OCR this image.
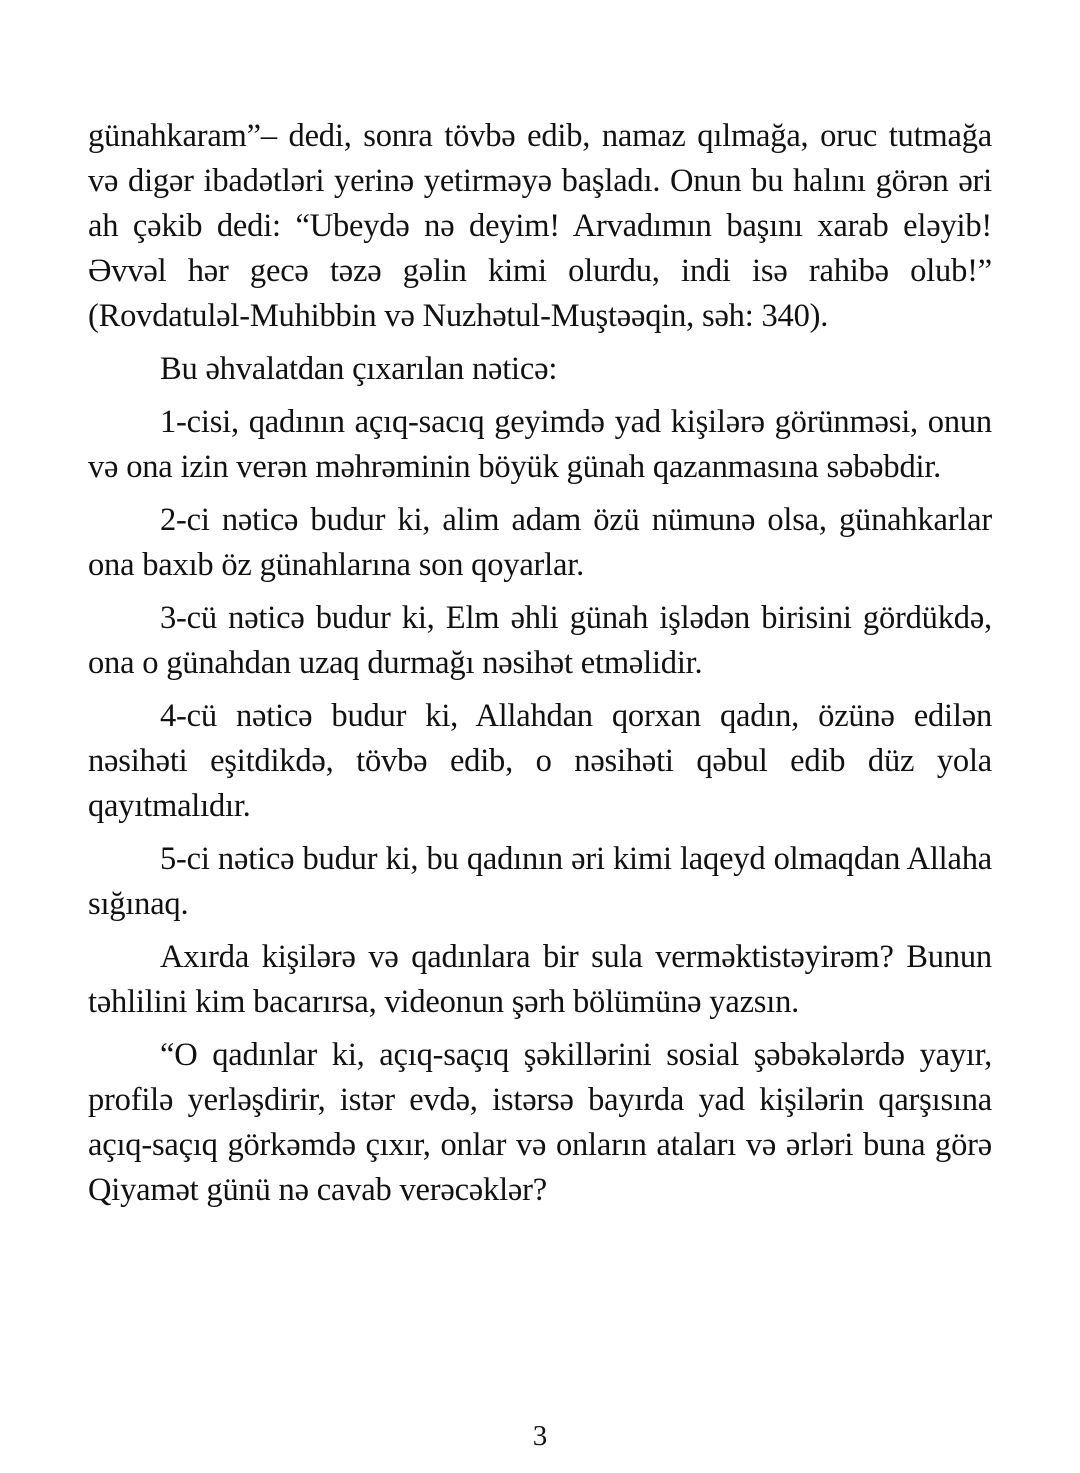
günahkaram”– dedi, sonra tövbə edib, namaz qılmağa, oruc tutmağa və digər ibadətləri yerinə yetirməyə başladı. Onun bu halını görən əri ah çəkib dedi: “Ubeydə nə deyim! Arvadımın başını xarab eləyib! Əvvəl hər gecə təzə gəlin kimi olurdu, indi isə rahibə olub!” (Rovdatuləl-Muhibbin və Nuzhətul-Muştəəqin, səh: 340).

Bu əhvalatdan çıxarılan nəticə:

1-cisi, qadının açıq-sacıq geyimdə yad kişilərə görünməsi, onun və ona izin verən məhrəminin böyük günah qazanmasına səbəbdir.

2-ci nəticə budur ki, alim adam özü nümunə olsa, günahkarlar ona baxıb öz günahlarına son qoyarlar.

3-cü nəticə budur ki, Elm əhli günah işlədən birisini gördükdə, ona o günahdan uzaq durmağı nəsihət etməlidir.

4-cü nəticə budur ki, Allahdan qorxan qadın, özünə edilən nəsihəti eşitdikdə, tövbə edib, o nəsihəti qəbul edib düz yola qayıtmalıdır.

5-ci nəticə budur ki, bu qadının əri kimi laqeyd olmaqdan Allaha sığınaq.

Axırda kişilərə və qadınlara bir sula verməktistəyirəm? Bunun təhlilini kim bacarırsa, videonun şərh bölümünə yazsın.

“O qadınlar ki, açıq-saçıq şəkillərini sosial şəbəkələrdə yayır, profilə yerləşdirir, istər evdə, istərsə bayırda yad kişilərin qarşısına açıq-saçıq görkəmdə çıxır, onlar və onların ataları və ərləri buna görə Qiyamət günü nə cavab verəcəklər?

3
